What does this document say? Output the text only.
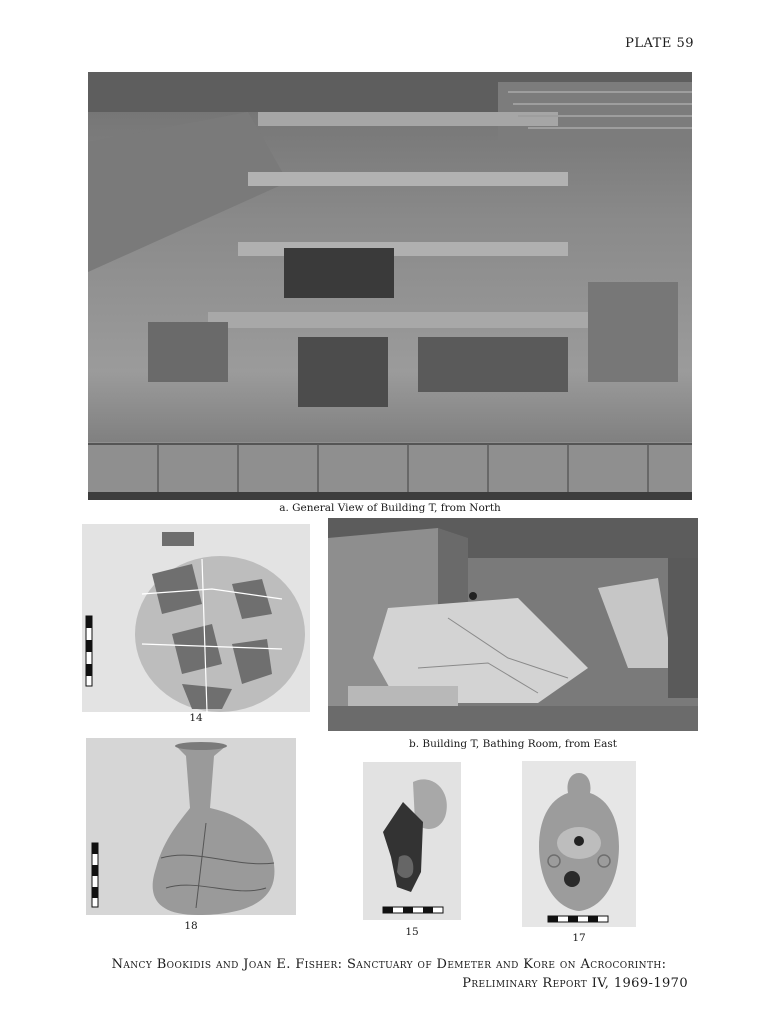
PLATE 59
a. General View of Building T, from North
14
b. Building T, Bathing Room, from East
18	15	17
Nancy Bookidis and Joan E. Fisher: Sanctuary of Demeter and Kore on Acrocorinth:
Preliminary Report IV, 1969-1970
